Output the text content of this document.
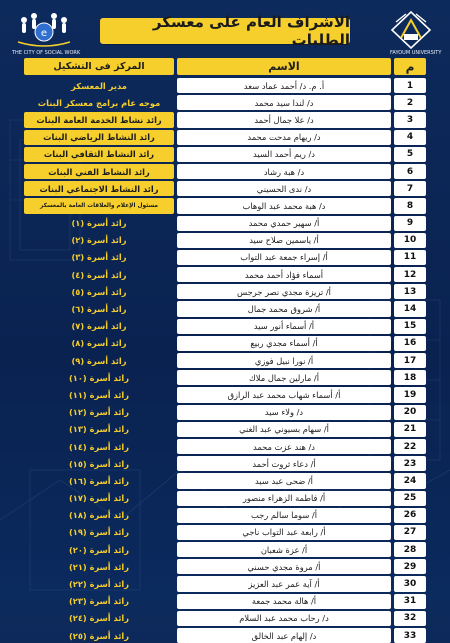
e
THE CITY OF SOCIAL WORK
الاشراف العام على معسكر الطلبات
FAYOUM UNIVERSITY
المركز فى التشكيل	الاسم	م
مدير المعسكر	أ. م. د/ أحمد عماد سعد	1
موجه عام برامج معسكر البنات	د/ لندا سيد محمد	2
رائد نشاط الخدمة العامة البنات	د/ علا جمال أحمد	3
رائد النشاط الرياضي البنات	د/ ريهام مدحت محمد	4
رائد النشاط الثقافي البنات	د/ ريم أحمد السيد	5
رائد النشاط الفني البنات	د/ هبة رشاد	6
رائد النشاط الاجتماعي البنات	د/ ندى الحسيني	7
مسئول الإعلام والعلاقات العامة بالمعسكر	د/ هبة محمد عبد الوهاب	8
رائد أسرة (١)	أ/ سهير حمدي محمد	9
رائد أسرة (٢)	أ/ ياسمين صلاح سيد	10
رائد أسرة (٣)	أ/ إسراء جمعة عبد التواب	11
رائد أسرة (٤)	أسماء فؤاد أحمد محمد	12
رائد أسرة (٥)	أ/ تريزة مجدي نصر جرجس	13
رائد أسرة (٦)	أ/ شروق محمد جمال	14
رائد أسرة (٧)	أ/ أسماء أنور سيد	15
رائد أسرة (٨)	أ/ أسماء مجدي ربيع	16
رائد أسرة (٩)	أ/ نورا نبيل فوزي	17
رائد أسرة (١٠)	أ/ مارلين جمال ملاك	18
رائد أسرة (١١)	أ/ أسماء شهاب محمد عبد الرازق	19
رائد أسرة (١٢)	د/ ولاء سيد	20
رائد أسرة (١٣)	أ/ سهام بسيوني عبد الغني	21
رائد أسرة (١٤)	د/ هند عزت محمد	22
رائد أسرة (١٥)	أ/ دعاء ثروت أحمد	23
رائد أسرة (١٦)	أ/ ضحى عبد سيد	24
رائد أسرة (١٧)	أ/ فاطمة الزهراء منصور	25
رائد أسرة (١٨)	أ/ سوما سالم رجب	26
رائد أسرة (١٩)	أ/ رابعة عبد التواب ناجي	27
رائد أسرة (٢٠)	أ/ عزة شعبان	28
رائد أسرة (٢١)	أ/ مروة مجدي حسني	29
رائد أسرة (٢٢)	أ/ آية عمر عبد العزيز	30
رائد أسرة (٢٣)	أ/ هالة محمد جمعة	31
رائد أسرة (٢٤)	د/ رحاب محمد عبد السلام	32
رائد أسرة (٢٥)	د/ إلهام عبد الخالق	33
